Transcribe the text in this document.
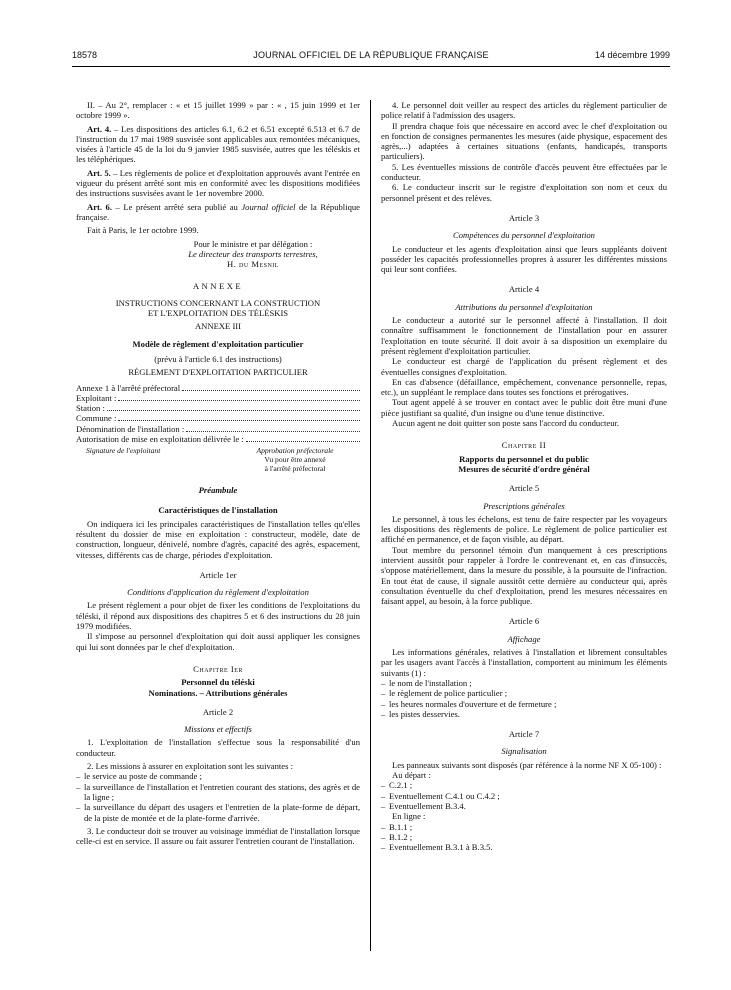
18578	JOURNAL OFFICIEL DE LA RÉPUBLIQUE FRANÇAISE	14 décembre 1999

II. – Au 2°, remplacer : « et 15 juillet 1999 » par : « , 15 juin 1999 et 1er octobre 1999 ».

Art. 4. – Les dispositions des articles 6.1, 6.2 et 6.51 excepté 6.513 et 6.7 de l'instruction du 17 mai 1989 susvisée sont applicables aux remontées mécaniques, visées à l'article 45 de la loi du 9 janvier 1985 susvisée, autres que les téléskis et les téléphériques.

Art. 5. – Les règlements de police et d'exploitation approuvés avant l'entrée en vigueur du présent arrêté sont mis en conformité avec les dispositions modifiées des instructions susvisées avant le 1er novembre 2000.

Art. 6. – Le présent arrêté sera publié au Journal officiel de la République française.

Fait à Paris, le 1er octobre 1999.

Pour le ministre et par délégation :

Le directeur des transports terrestres,

H. du Mesnil

ANNEXE

INSTRUCTIONS CONCERNANT LA CONSTRUCTION

ET L'EXPLOITATION DES TÉLÉSKIS

ANNEXE III

Modèle de règlement d'exploitation particulier

(prévu à l'article 6.1 des instructions)

RÈGLEMENT D'EXPLOITATION PARTICULIER

Annexe 1 à l'arrêté préfectoral
Exploitant :
Station :
Commune :
Dénomination de l'installation :
Autorisation de mise en exploitation délivrée le :
Signature de l'exploitant	Approbation préfectorale
Vu pour être annexé
à l'arrêté préfectoral

Préambule

Caractéristiques de l'installation

On indiquera ici les principales caractéristiques de l'installation telles qu'elles résultent du dossier de mise en exploitation : constructeur, modèle, date de construction, longueur, dénivelé, nombre d'agrès, capacité des agrès, espacement, vitesses, différents cas de charge, périodes d'exploitation.

Article 1er

Conditions d'application du règlement d'exploitation

Le présent règlement a pour objet de fixer les conditions de l'exploitations du téléski, il répond aux dispositions des chapitres 5 et 6 des instructions du 28 juin 1979 modifiées.

Il s'impose au personnel d'exploitation qui doit aussi appliquer les consignes qui lui sont données par le chef d'exploitation.

Chapitre Ier

Personnel du téléski

Nominations. – Attributions générales

Article 2

Missions et effectifs

1. L'exploitation de l'installation s'effectue sous la responsabilité d'un conducteur.

2. Les missions à assurer en exploitation sont les suivantes :

– le service au poste de commande ;

– la surveillance de l'installation et l'entretien courant des stations, des agrès et de la ligne ;

– la surveillance du départ des usagers et l'entretien de la plate-forme de départ, de la piste de montée et de la plate-forme d'arrivée.

3. Le conducteur doit se trouver au voisinage immédiat de l'installation lorsque celle-ci est en service. Il assure ou fait assurer l'entretien courant de l'installation.

4. Le personnel doit veiller au respect des articles du règlement particulier de police relatif à l'admission des usagers.

Il prendra chaque fois que nécessaire en accord avec le chef d'exploitation ou en fonction de consignes permanentes les mesures (aide physique, espacement des agrès,...) adaptées à certaines situations (enfants, handicapés, transports particuliers).

5. Les éventuelles missions de contrôle d'accès peuvent être effectuées par le conducteur.

6. Le conducteur inscrit sur le registre d'exploitation son nom et ceux du personnel présent et des relèves.

Article 3

Compétences du personnel d'exploitation

Le conducteur et les agents d'exploitation ainsi que leurs suppléants doivent posséder les capacités professionnelles propres à assurer les différentes missions qui leur sont confiées.

Article 4

Attributions du personnel d'exploitation

Le conducteur a autorité sur le personnel affecté à l'installation. Il doit connaître suffisamment le fonctionnement de l'installation pour en assurer l'exploitation en toute sécurité. Il doit avoir à sa disposition un exemplaire du présent règlement d'exploitation particulier.

Le conducteur est chargé de l'application du présent règlement et des éventuelles consignes d'exploitation.

En cas d'absence (défaillance, empêchement, convenance personnelle, repas, etc.), un suppléant le remplace dans toutes ses fonctions et prérogatives.

Tout agent appelé à se trouver en contact avec le public doit être muni d'une pièce justifiant sa qualité, d'un insigne ou d'une tenue distinctive.

Aucun agent ne doit quitter son poste sans l'accord du conducteur.

Chapitre II

Rapports du personnel et du public

Mesures de sécurité d'ordre général

Article 5

Prescriptions générales

Le personnel, à tous les échelons, est tenu de faire respecter par les voyageurs les dispositions des règlements de police. Le règlement de police particulier est affiché en permanence, et de façon visible, au départ.

Tout membre du personnel témoin d'un manquement à ces prescriptions intervient aussitôt pour rappeler à l'ordre le contrevenant et, en cas d'insuccès, s'oppose matériellement, dans la mesure du possible, à la poursuite de l'infraction. En tout état de cause, il signale aussitôt cette dernière au conducteur qui, après consultation éventuelle du chef d'exploitation, prend les mesures nécessaires en faisant appel, au besoin, à la force publique.

Article 6

Affichage

Les informations générales, relatives à l'installation et librement consultables par les usagers avant l'accès à l'installation, comportent au minimum les éléments suivants (1) :

– le nom de l'installation ;

– le règlement de police particulier ;

– les heures normales d'ouverture et de fermeture ;

– les pistes desservies.

Article 7

Signalisation

Les panneaux suivants sont disposés (par référence à la norme NF X 05-100) :

Au départ :

– C.2.1 ;

– Eventuellement C.4.1 ou C.4.2 ;

– Eventuellement B.3.4.

En ligne :

– B.1.1 ;

– B.1.2 ;

– Eventuellement B.3.1 à B.3.5.
